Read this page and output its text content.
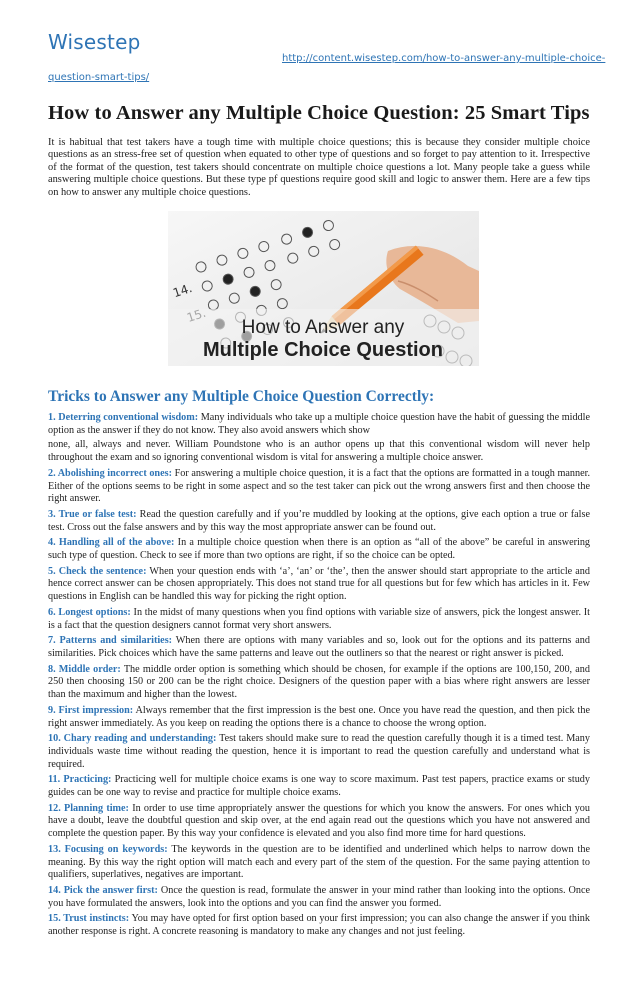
Wisestep
http://content.wisestep.com/how-to-answer-any-multiple-choice-
question-smart-tips/
How to Answer any Multiple Choice Question: 25 Smart Tips
It is habitual that test takers have a tough time with multiple choice questions; this is because they consider multiple choice questions as an stress-free set of question when equated to other type of questions and so forget to pay attention to it. Irrespective of the format of the question, test takers should concentrate on multiple choice questions a lot. Many people take a guess while answering multiple choice questions. But these type pf questions require good skill and logic to answer them. Here are a few tips on how to answer any multiple choice questions.
14.
How to Answer any
Multiple Choice Question
Tricks to Answer any Multiple Choice Question Correctly:
1. Deterring conventional wisdom: Many individuals who take up a multiple choice question have the habit of guessing the middle option as the answer if they do not know. They also avoid answers which show
none, all, always and never. William Poundstone who is an author opens up that this conventional wisdom will never help throughout the exam and so ignoring conventional wisdom is vital for answering a multiple choice answer.
2. Abolishing incorrect ones: For answering a multiple choice question, it is a fact that the options are formatted in a tough manner. Either of the options seems to be right in some aspect and so the test taker can pick out the wrong answers first and then choose the right answer.
3. True or false test: Read the question carefully and if you’re muddled by looking at the options, give each option a true or false test. Cross out the false answers and by this way the most appropriate answer can be found out.
4. Handling all of the above: In a multiple choice question when there is an option as “all of the above” be careful in answering such type of question. Check to see if more than two options are right, if so the choice can be opted.
5. Check the sentence: When your question ends with ‘a’, ‘an’ or ‘the’, then the answer should start appropriate to the article and hence correct answer can be chosen appropriately. This does not stand true for all questions but for few which has articles in it. Few questions in English can be handled this way for picking the right option.
6. Longest options: In the midst of many questions when you find options with variable size of answers, pick the longest answer. It is a fact that the question designers cannot format very short answers.
7. Patterns and similarities: When there are options with many variables and so, look out for the options and its patterns and similarities. Pick choices which have the same patterns and leave out the outliners so that the nearest or right answer is picked.
8. Middle order: The middle order option is something which should be chosen, for example if the options are 100,150, 200, and 250 then choosing 150 or 200 can be the right choice. Designers of the question paper with a bias where right answers are lesser than the maximum and higher than the lowest.
9. First impression: Always remember that the first impression is the best one. Once you have read the question, and then pick the right answer immediately. As you keep on reading the options there is a chance to choose the wrong option.
10. Chary reading and understanding: Test takers should make sure to read the question carefully though it is a timed test. Many individuals waste time without reading the question, hence it is important to read the question carefully and understand what is required.
11. Practicing: Practicing well for multiple choice exams is one way to score maximum. Past test papers, practice exams or study guides can be one way to revise and practice for multiple choice exams.
12. Planning time: In order to use time appropriately answer the questions for which you know the answers. For ones which you have a doubt, leave the doubtful question and skip over, at the end again read out the questions which you have not answered and complete the question paper. By this way your confidence is elevated and you also find more time for hard questions.
13. Focusing on keywords: The keywords in the question are to be identified and underlined which helps to narrow down the meaning. By this way the right option will match each and every part of the stem of the question. For the same paying attention to qualifiers, superlatives, negatives are important.
14. Pick the answer first: Once the question is read, formulate the answer in your mind rather than looking into the options. Once you have formulated the answers, look into the options and you can find the answer you formed.
15. Trust instincts: You may have opted for first option based on your first impression; you can also change the answer if you think another response is right. A concrete reasoning is mandatory to make any changes and not just feeling.
